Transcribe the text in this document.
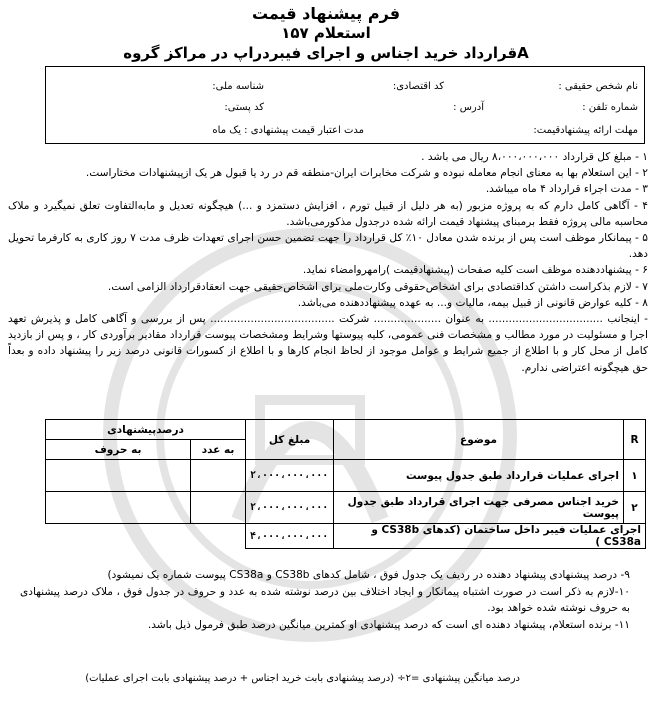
فرم پیشنهاد قیمت
استعلام ۱۵۷
قرارداد خرید اجناس و اجرای فیبردراپ در مراکز گروهA
نام شخص حقیقی :
کد اقتصادی:
شناسه ملی:
شماره تلفن :
آدرس :
کد پستی:
مهلت ارائه پیشنهادقیمت:
مدت اعتبار قیمت پیشنهادی : یک ماه

۱ - مبلغ کل قرارداد ۸،۰۰۰،۰۰۰،۰۰۰ ریال می باشد .

۲ - این استعلام بها به معنای انجام معامله نبوده و شرکت مخابرات ایران-منطقه قم در رد یا قبول هر یک ازپیشنهادات مختاراست.

۳ - مدت اجراء قرارداد ۴ ماه میباشد.

۴ - آگاهی کامل دارم که به پروژه مزبور (به هر دلیل از قبیل تورم ، افزایش دستمزد و ...) هیچگونه تعدیل و مابه‌التفاوت تعلق نمیگیرد و ملاک محاسبه مالی پروژه فقط برمبنای پیشنهاد قیمت ارائه شده درجدول مذکورمی‌باشد.

۵ - پیمانکار موظف است پس از برنده شدن معادل ۱۰٪ کل قرارداد را جهت تضمین حسن اجرای تعهدات ظرف مدت ۷ روز کاری به کارفرما تحویل دهد.

۶ - پیشنهاددهنده موظف است کلیه صفحات (پیشنهادقیمت )رامهروامضاء نماید.

۷ - لازم بذکراست داشتن کداقتصادی برای اشخاص‌حقوقی وکارت‌ملی برای اشخاص‌حقیقی جهت انعقادقرارداد الزامی است.

۸ - کلیه عوارض قانونی از قبیل بیمه، مالیات و... به عهده پیشنهاددهنده می‌باشد.

- اینجانب .................................. به عنوان .................... شرکت ..................................... پس از بررسی و آگاهی کامل و پذیرش تعهد اجرا و مسئولیت در مورد مطالب و مشخصات فنی عمومی، کلیه پیوستها وشرایط ومشخصات پیوست قرارداد مقادیر برآوردی کار ، و پس از بازدید کامل از محل کار و با اطلاع از جمیع شرایط و عوامل موجود از لحاظ انجام کارها و با اطلاع از کسورات قانونی درصد زیر را پیشنهاد داده و بعداً حق هیچگونه اعتراضی ندارم.

R	موضوع	مبلغ کل	درصدپیشنهادی	
			به عدد	به حروف
۱	اجرای عملیات قرارداد طبق جدول پیوست	۲،۰۰۰،۰۰۰،۰۰۰		
۲	خرید اجناس مصرفی جهت اجرای قرارداد طبق جدول پیوست	۲،۰۰۰،۰۰۰،۰۰۰		
اجرای عملیات فیبر داخل ساختمان (کدهای CS38b و CS38a )		۴،۰۰۰،۰۰۰،۰۰۰		

۹- درصد پیشنهادی پیشنهاد دهنده در ردیف یک جدول فوق ، شامل کدهای CS38b و CS38a پیوست شماره یک نمیشود)

۱۰-لازم به ذکر است در صورت اشتباه پیمانکار و ایجاد اختلاف بین درصد نوشته شده به عدد و حروف در جدول فوق ، ملاک درصد پیشنهادی به حروف نوشته شده خواهد بود.

۱۱- برنده استعلام، پیشنهاد دهنده ای است که درصد پیشنهادی او کمترین میانگین درصد طبق فرمول ذیل باشد.

درصد میانگین پیشنهادی =۲÷ (درصد پیشنهادی بابت خرید اجناس + درصد پیشنهادی بابت اجرای عملیات)
